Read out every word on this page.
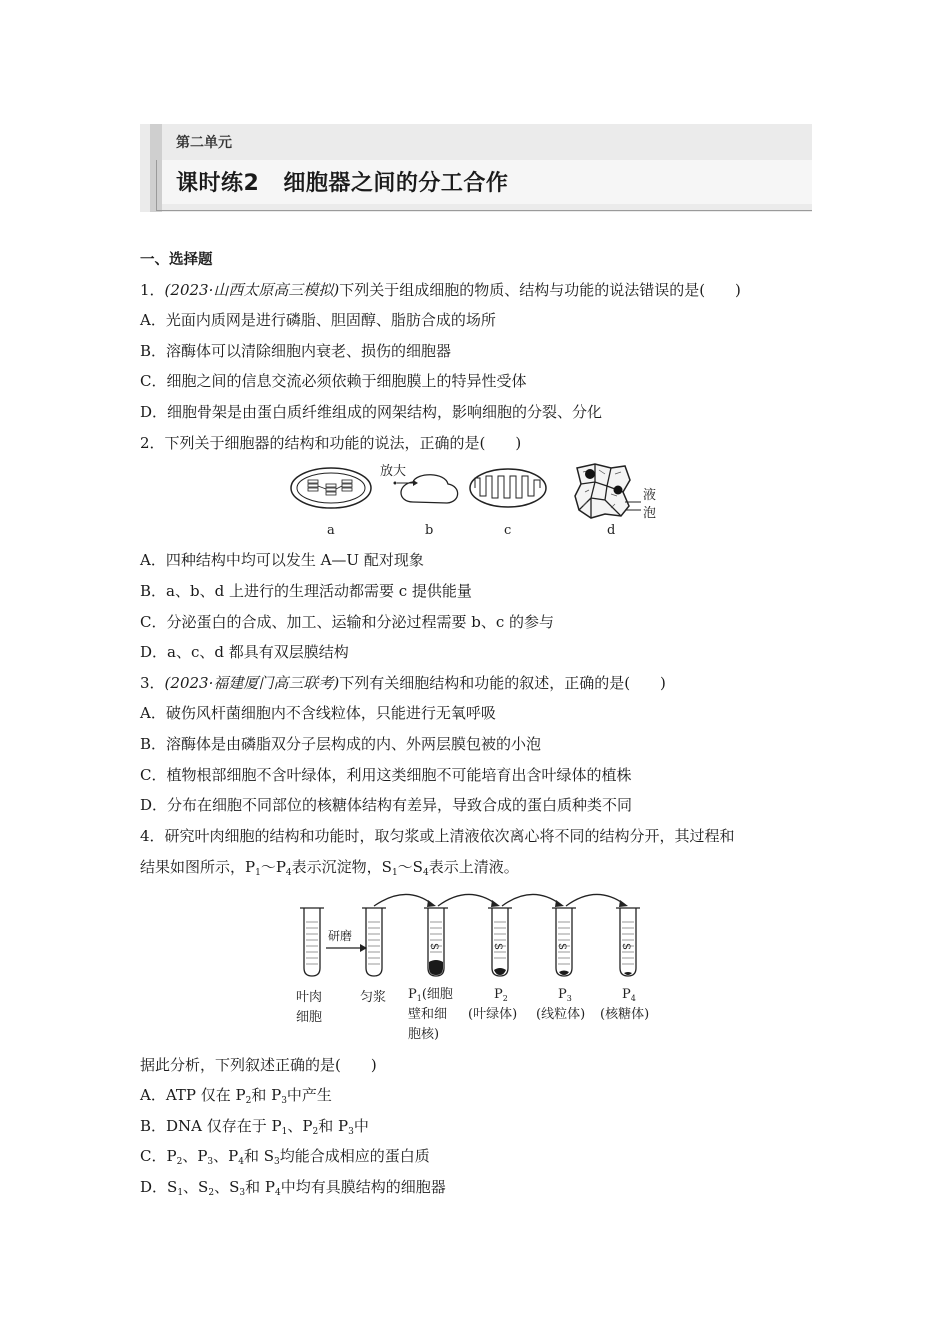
第二单元
课时练2 细胞器之间的分工合作
一、选择题
1．(2023·山西太原高三模拟)下列关于组成细胞的物质、结构与功能的说法错误的是(　　)
A．光面内质网是进行磷脂、胆固醇、脂肪合成的场所
B．溶酶体可以清除细胞内衰老、损伤的细胞器
C．细胞之间的信息交流必须依赖于细胞膜上的特异性受体
D．细胞骨架是由蛋白质纤维组成的网架结构，影响细胞的分裂、分化
2．下列关于细胞器的结构和功能的说法，正确的是(　　)
放大
液
泡
a	b	c	d
A．四种结构中均可以发生 A—U 配对现象
B．a、b、d 上进行的生理活动都需要 c 提供能量
C．分泌蛋白的合成、加工、运输和分泌过程需要 b、c 的参与
D．a、c、d 都具有双层膜结构
3．(2023·福建厦门高三联考)下列有关细胞结构和功能的叙述，正确的是(　　)
A．破伤风杆菌细胞内不含线粒体，只能进行无氧呼吸
B．溶酶体是由磷脂双分子层构成的内、外两层膜包被的小泡
C．植物根部细胞不含叶绿体，利用这类细胞不可能培育出含叶绿体的植株
D．分布在细胞不同部位的核糖体结构有差异，导致合成的蛋白质种类不同
4．研究叶肉细胞的结构和功能时，取匀浆或上清液依次离心将不同的结构分开，其过程和
结果如图所示，$P_1\sim P_4$表示沉淀物，$S_1\sim S_4$表示上清液。
S	S	S	S
研磨
叶肉
细胞
匀浆 $P_1$(细胞
壁和细
胞核)
$P_2$
(叶绿体)
$P_3$
(线粒体)
$P_4$
(核糖体)
据此分析，下列叙述正确的是(　　)
A．ATP 仅在 $P_2$和 $P_3$中产生
B．DNA 仅存在于 $P_1$、$P_2$和 $P_3$中
C．$P_2$、$P_3$、$P_4$和 $S_3$均能合成相应的蛋白质
D．$S_1$、$S_2$、$S_3$和 $P_4$中均有具膜结构的细胞器
